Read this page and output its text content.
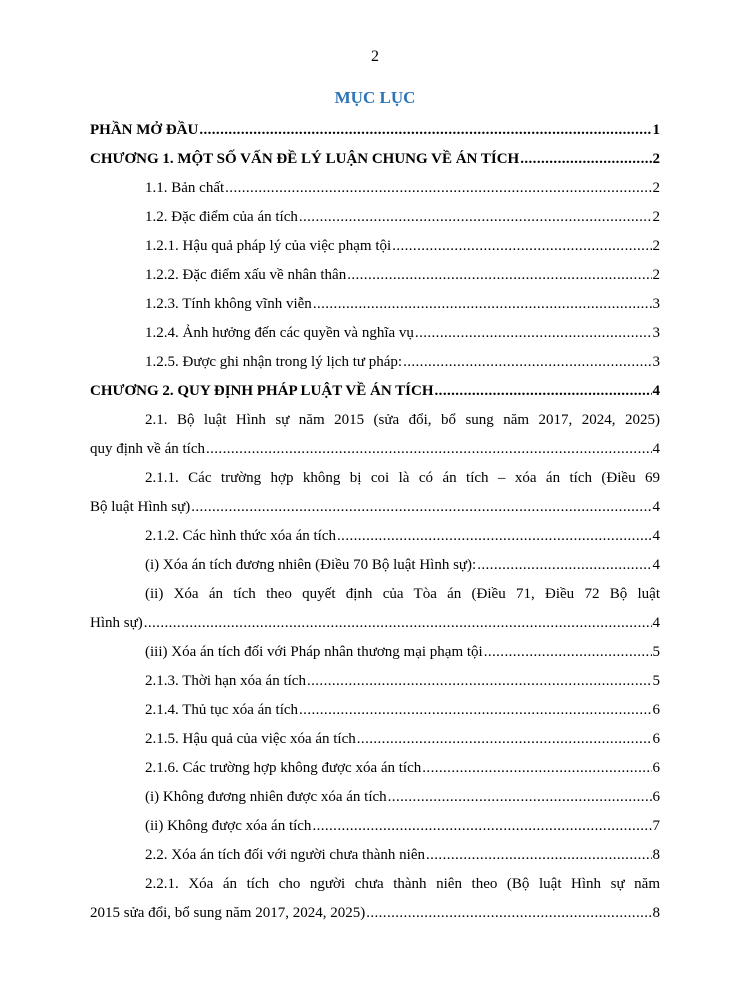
2
MỤC LỤC
PHẦN MỞ ĐẦU .....	1
CHƯƠNG 1. MỘT SỐ VẤN ĐỀ LÝ LUẬN CHUNG VỀ ÁN TÍCH .....	2
1.1. Bản chất .....	2
1.2. Đặc điểm của án tích .....	2
1.2.1. Hậu quả pháp lý của việc phạm tội .....	2
1.2.2. Đặc điểm xấu về nhân thân .....	2
1.2.3. Tính không vĩnh viễn .....	3
1.2.4. Ảnh hưởng đến các quyền và nghĩa vụ .....	3
1.2.5. Được ghi nhận trong lý lịch tư pháp: .....	3
CHƯƠNG 2. QUY ĐỊNH PHÁP LUẬT VỀ ÁN TÍCH .....	4
2.1. Bộ luật Hình sự năm 2015 (sửa đổi, bổ sung năm 2017, 2024, 2025)
quy định về án tích .....	4
2.1.1. Các trường hợp không bị coi là có án tích – xóa án tích (Điều 69
Bộ luật Hình sự) .....	4
2.1.2. Các hình thức xóa án tích .....	4
(i) Xóa án tích đương nhiên (Điều 70 Bộ luật Hình sự): .....	4
(ii) Xóa án tích theo quyết định của Tòa án (Điều 71, Điều 72 Bộ luật
Hình sự) .....	4
(iii) Xóa án tích đối với Pháp nhân thương mại phạm tội .....	5
2.1.3. Thời hạn xóa án tích .....	5
2.1.4. Thủ tục xóa án tích .....	6
2.1.5. Hậu quả của việc xóa án tích .....	6
2.1.6. Các trường hợp không được xóa án tích .....	6
(i) Không đương nhiên được xóa án tích .....	6
(ii) Không được xóa án tích .....	7
2.2. Xóa án tích đối với người chưa thành niên .....	8
2.2.1. Xóa án tích cho người chưa thành niên theo (Bộ luật Hình sự năm
2015 sửa đổi, bổ sung năm 2017, 2024, 2025) .....	8
